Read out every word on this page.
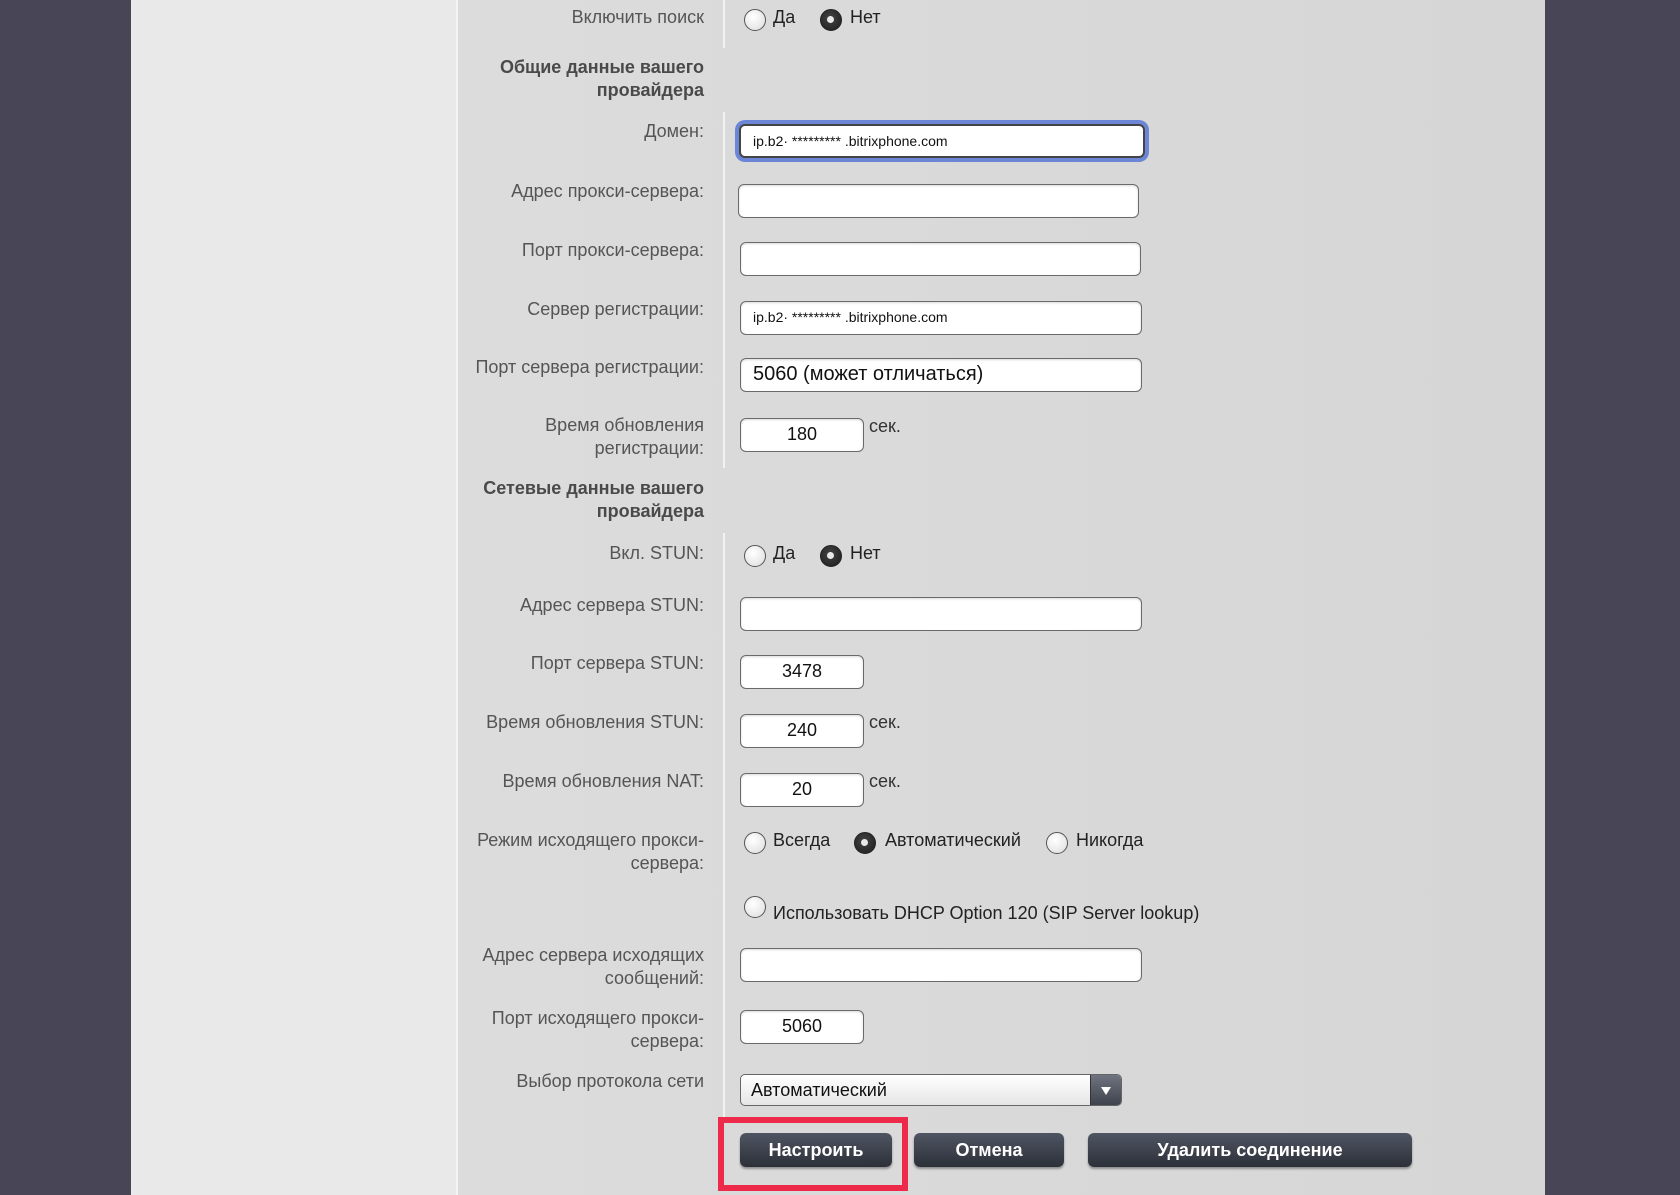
Включить поиск	Да	Нет
Общие данные вашего
провайдера
Домен:	ip.b2· ********* .bitrixphone.com
Адрес прокси-сервера:
Порт прокси-сервера:
Сервер регистрации:	ip.b2· ********* .bitrixphone.com
Порт сервера регистрации:	5060 (может отличаться)
Время обновления
регистрации:
180	сек.
Сетевые данные вашего
провайдера
Вкл. STUN:	Да	Нет
Адрес сервера STUN:
Порт сервера STUN:	3478
Время обновления STUN:	240	сек.
Время обновления NAT:	20	сек.
Режим исходящего прокси-
сервера:
Всегда	Автоматический	Никогда
Использовать DHCP Option 120 (SIP Server lookup)
Адрес сервера исходящих
сообщений:
Порт исходящего прокси-
сервера:
5060
Выбор протокола сети	Автоматический
Настроить	Отмена	Удалить соединение
